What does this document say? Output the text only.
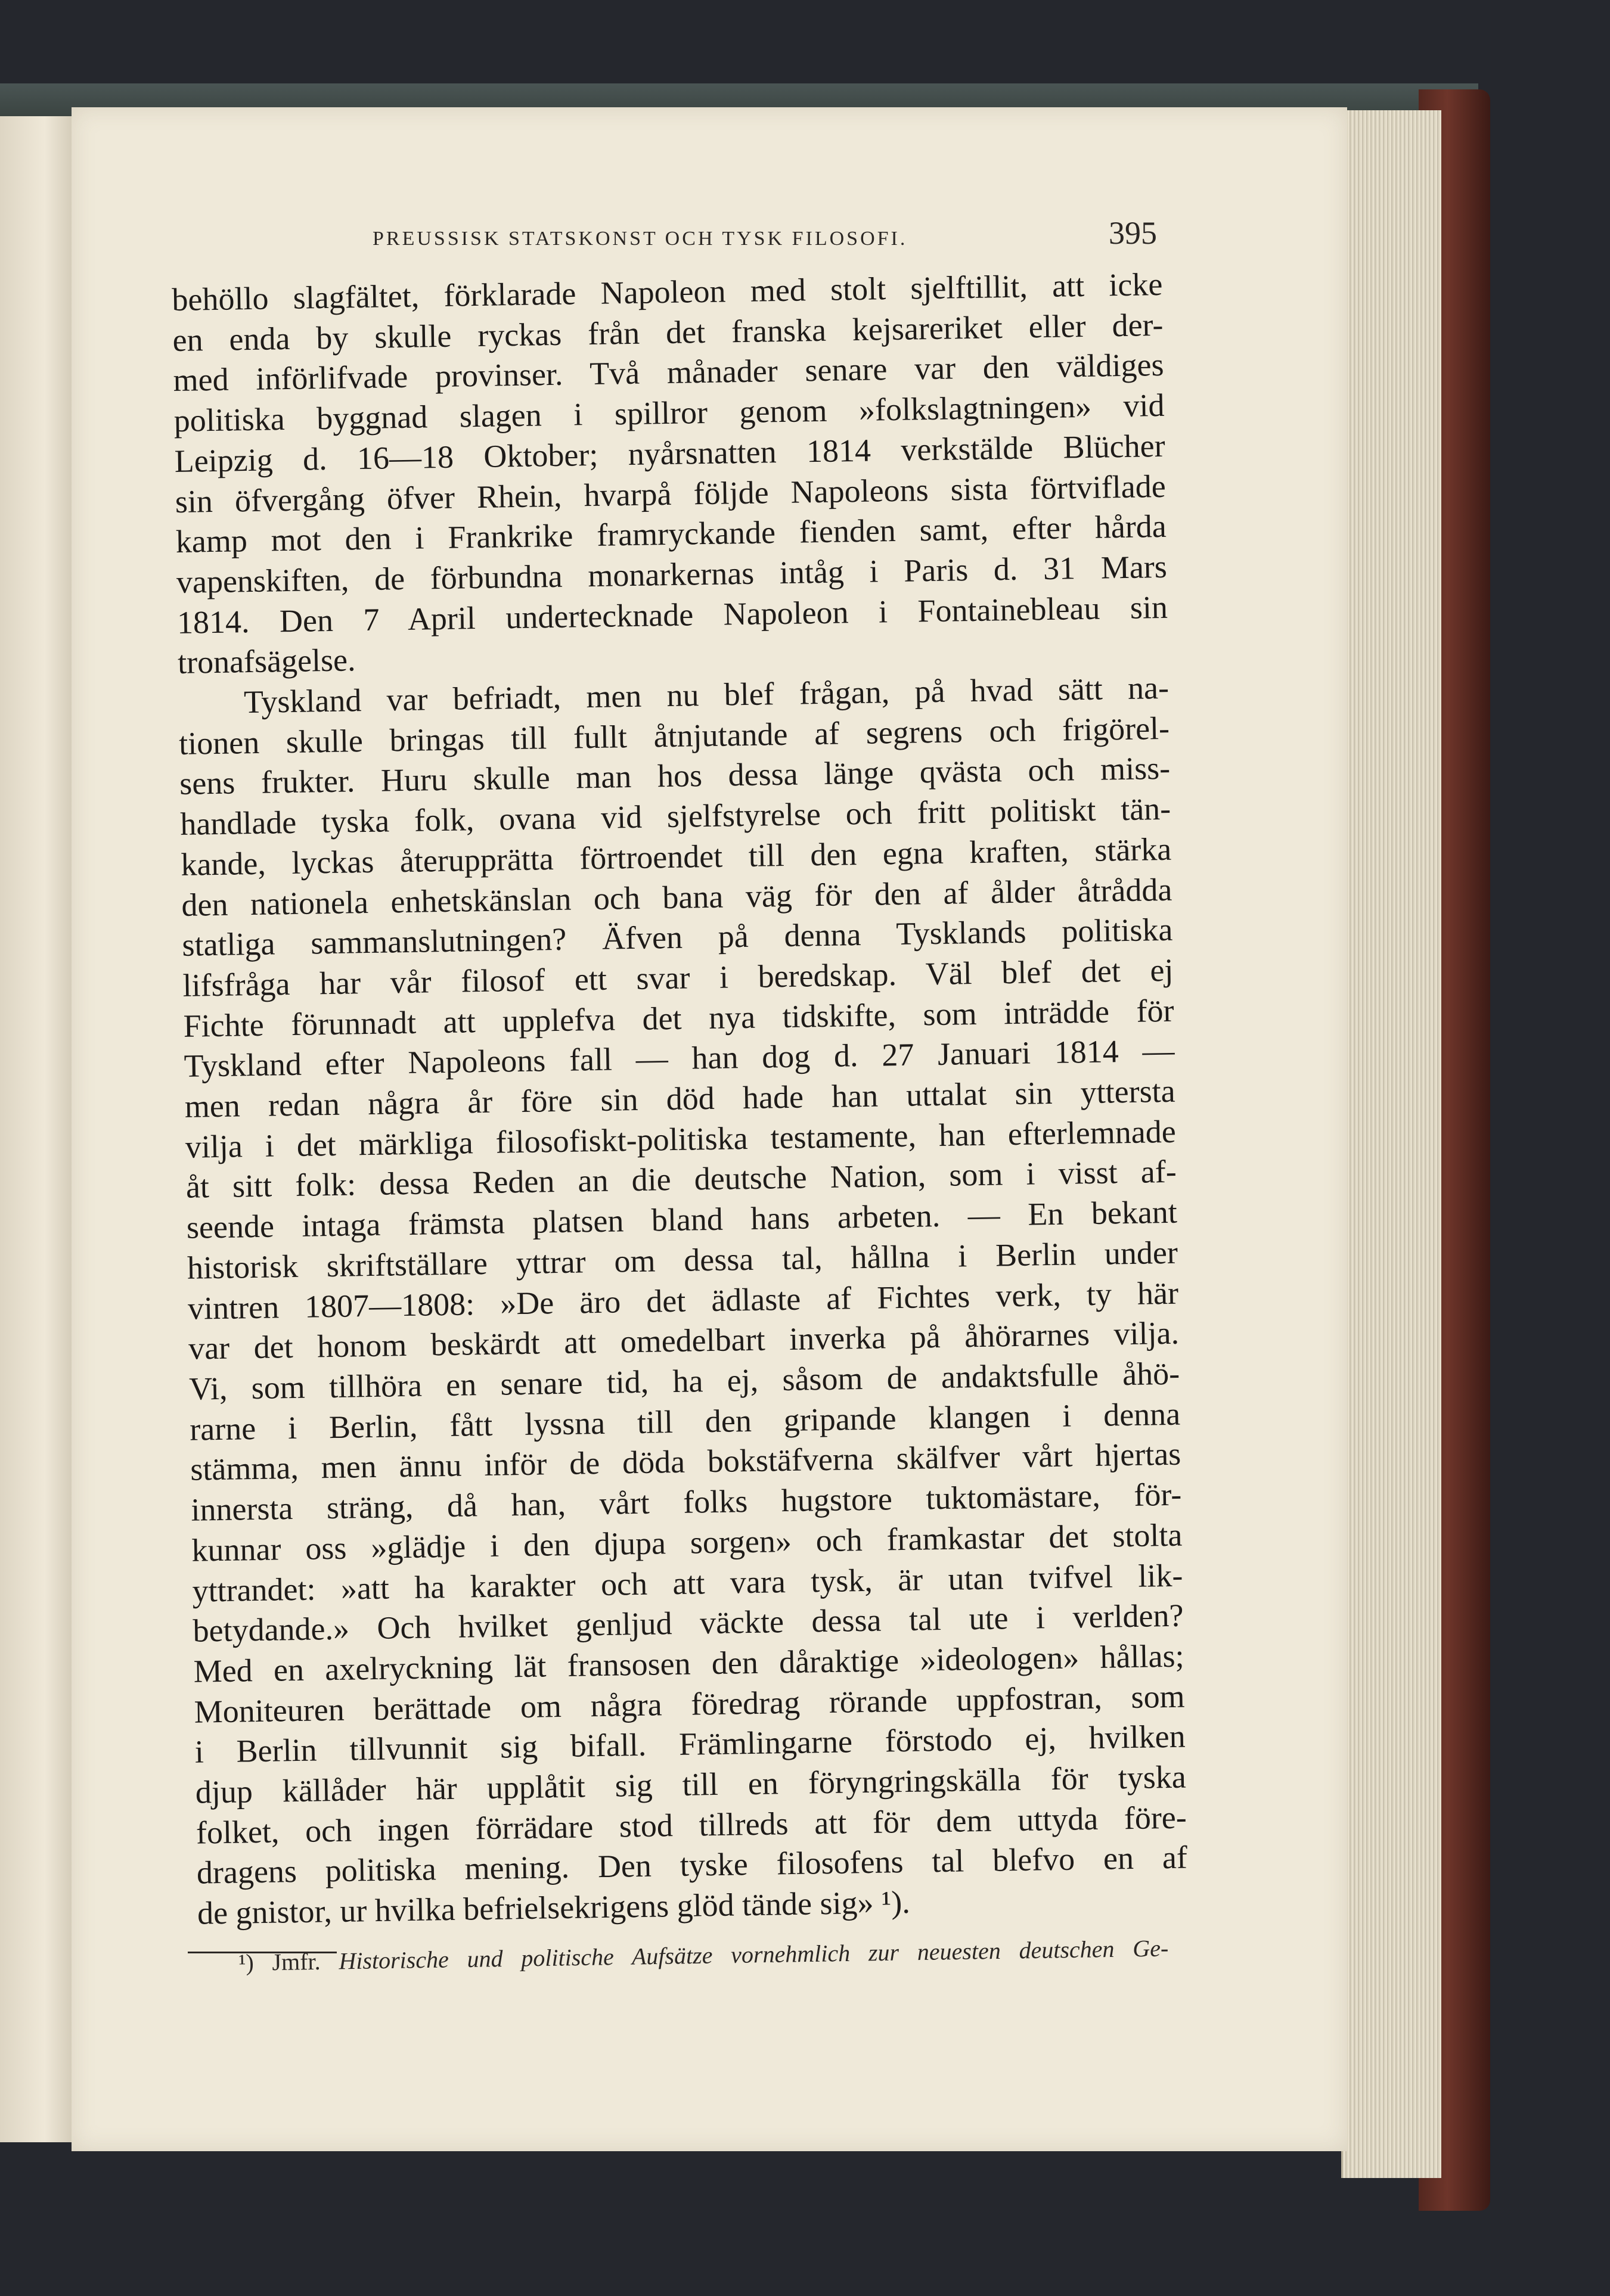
PREUSSISK STATSKONST OCH TYSK FILOSOFI.	395
behöllo slagfältet, förklarade Napoleon med stolt sjelftillit, att icke
en enda by skulle ryckas från det franska kejsareriket eller der-
med införlifvade provinser. Två månader senare var den väldiges
politiska byggnad slagen i spillror genom »folkslagtningen» vid
Leipzig d. 16—18 Oktober; nyårsnatten 1814 verkstälde Blücher
sin öfvergång öfver Rhein, hvarpå följde Napoleons sista förtviflade
kamp mot den i Frankrike framryckande fienden samt, efter hårda
vapenskiften, de förbundna monarkernas intåg i Paris d. 31 Mars
1814. Den 7 April undertecknade Napoleon i Fontainebleau sin
tronafsägelse.
Tyskland var befriadt, men nu blef frågan, på hvad sätt na-
tionen skulle bringas till fullt åtnjutande af segrens och frigörel-
sens frukter. Huru skulle man hos dessa länge qvästa och miss-
handlade tyska folk, ovana vid sjelfstyrelse och fritt politiskt tän-
kande, lyckas återupprätta förtroendet till den egna kraften, stärka
den nationela enhetskänslan och bana väg för den af ålder åtrådda
statliga sammanslutningen? Äfven på denna Tysklands politiska
lifsfråga har vår filosof ett svar i beredskap. Väl blef det ej
Fichte förunnadt att upplefva det nya tidskifte, som inträdde för
Tyskland efter Napoleons fall — han dog d. 27 Januari 1814 —
men redan några år före sin död hade han uttalat sin yttersta
vilja i det märkliga filosofiskt-politiska testamente, han efterlemnade
åt sitt folk: dessa Reden an die deutsche Nation, som i visst af-
seende intaga främsta platsen bland hans arbeten. — En bekant
historisk skriftställare yttrar om dessa tal, hållna i Berlin under
vintren 1807—1808: »De äro det ädlaste af Fichtes verk, ty här
var det honom beskärdt att omedelbart inverka på åhörarnes vilja.
Vi, som tillhöra en senare tid, ha ej, såsom de andaktsfulle åhö-
rarne i Berlin, fått lyssna till den gripande klangen i denna
stämma, men ännu inför de döda bokstäfverna skälfver vårt hjertas
innersta sträng, då han, vårt folks hugstore tuktomästare, för-
kunnar oss »glädje i den djupa sorgen» och framkastar det stolta
yttrandet: »att ha karakter och att vara tysk, är utan tvifvel lik-
betydande.» Och hvilket genljud väckte dessa tal ute i verlden?
Med en axelryckning lät fransosen den dåraktige »ideologen» hållas;
Moniteuren berättade om några föredrag rörande uppfostran, som
i Berlin tillvunnit sig bifall. Främlingarne förstodo ej, hvilken
djup källåder här upplåtit sig till en föryngringskälla för tyska
folket, och ingen förrädare stod tillreds att för dem uttyda före-
dragens politiska mening. Den tyske filosofens tal blefvo en af
de gnistor, ur hvilka befrielsekrigens glöd tände sig» ¹).
¹) Jmfr. Historische und politische Aufsätze vornehmlich zur neuesten deutschen Ge-
